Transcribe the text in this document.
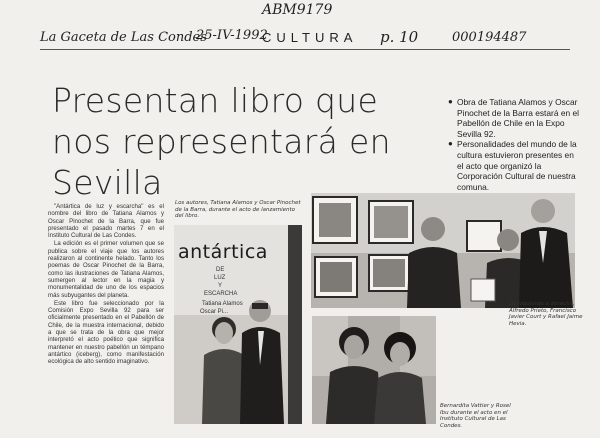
ABM9179
La Gaceta de Las Condes
25-IV-1992
CULTURA p. 10	000194487
Presentan libro que nos representará en Sevilla
● Obra de Tatiana Alamos y Oscar Pinochet de la Barra estará en el Pabellón de Chile en la Expo Sevilla 92.
● Personalidades del mundo de la cultura estuvieron presentes en el acto que organizó la Corporación Cultural de nuestra comuna.

"Antártica de luz y escarcha" es el nombre del libro de Tatiana Alamos y Oscar Pinochet de la Barra, que fue presentado el pasado martes 7 en el Instituto Cultural de Las Condes.

La edición es el primer volumen que se publica sobre el viaje que los autores realizaron al continente helado. Tanto los poemas de Oscar Pinochet de la Barra, como las ilustraciones de Tatiana Alamos, sumergen al lector en la magia y monumentalidad de uno de los espacios más subyugantes del planeta.

Este libro fue seleccionado por la Comisión Expo Sevilla 92 para ser oficialmente presentado en el Pabellón de Chile, de la muestra internacional, debido a que se trata de la obra que mejor interpretó el acto poético que significa mantener en nuestro pabellón un témpano antártico (iceberg), como manifestación ecológica de alto sentido imaginativo.

Los autores, Tatiana Alamos y Oscar Pinochet de la Barra, durante el acto de lanzamiento del libro.
antártica
DE
LUZ
Y
ESCARCHA
Tatiana Alamos
Oscar Pi...
De izquierda a derecha, Alfredo Prieto, Francisco Javier Court y Rafael Jaime Hevia.
Bernardita Vattier y Rosel Ibu durante el acto en el Instituto Cultural de Las Condes.
